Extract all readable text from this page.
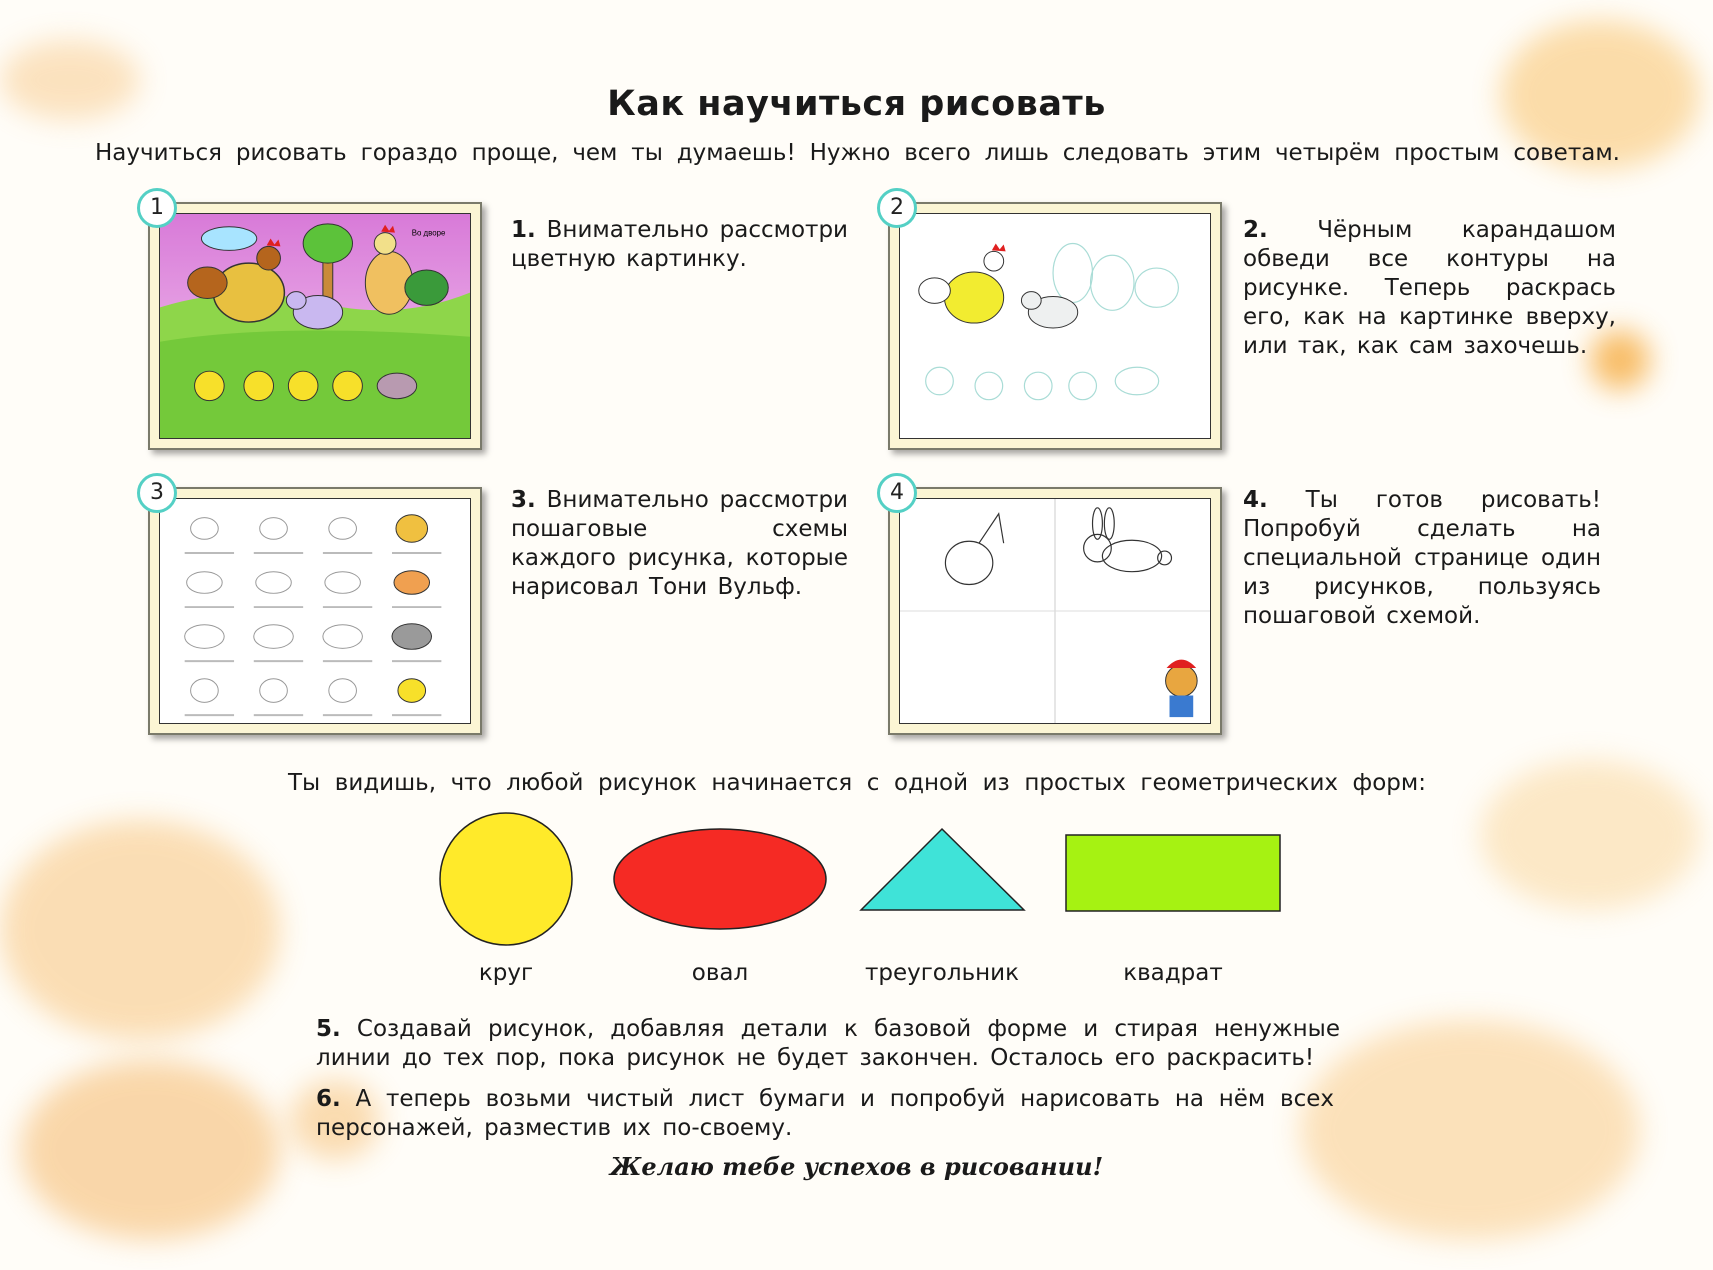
Как научиться рисовать
Научиться рисовать гораздо проще, чем ты думаешь! Нужно всего лишь следовать этим четырём простым советам.
Во дворе
1
1. Внимательно рассмотри цветную картинку.
2
2. Чёрным карандашом обведи все контуры на рисунке. Теперь раскрась его, как на картинке вверху, или так, как сам захочешь.
3	3. Внимательно рассмотри пошаговые схемы каждого рисунка, которые нарисовал Тони Вульф.
4	4. Ты готов рисовать! Попробуй сделать на специальной странице один из рисунков, пользуясь пошаговой схемой.
Ты видишь, что любой рисунок начинается с одной из простых геометрических форм:
круг	овал	треугольник	квадрат
5. Создавай рисунок, добавляя детали к базовой форме и стирая ненужные линии до тех пор, пока рисунок не будет закончен. Осталось его раскрасить!
6. А теперь возьми чистый лист бумаги и попробуй нарисовать на нём всех персонажей, разместив их по-своему.
Желаю тебе успехов в рисовании!
